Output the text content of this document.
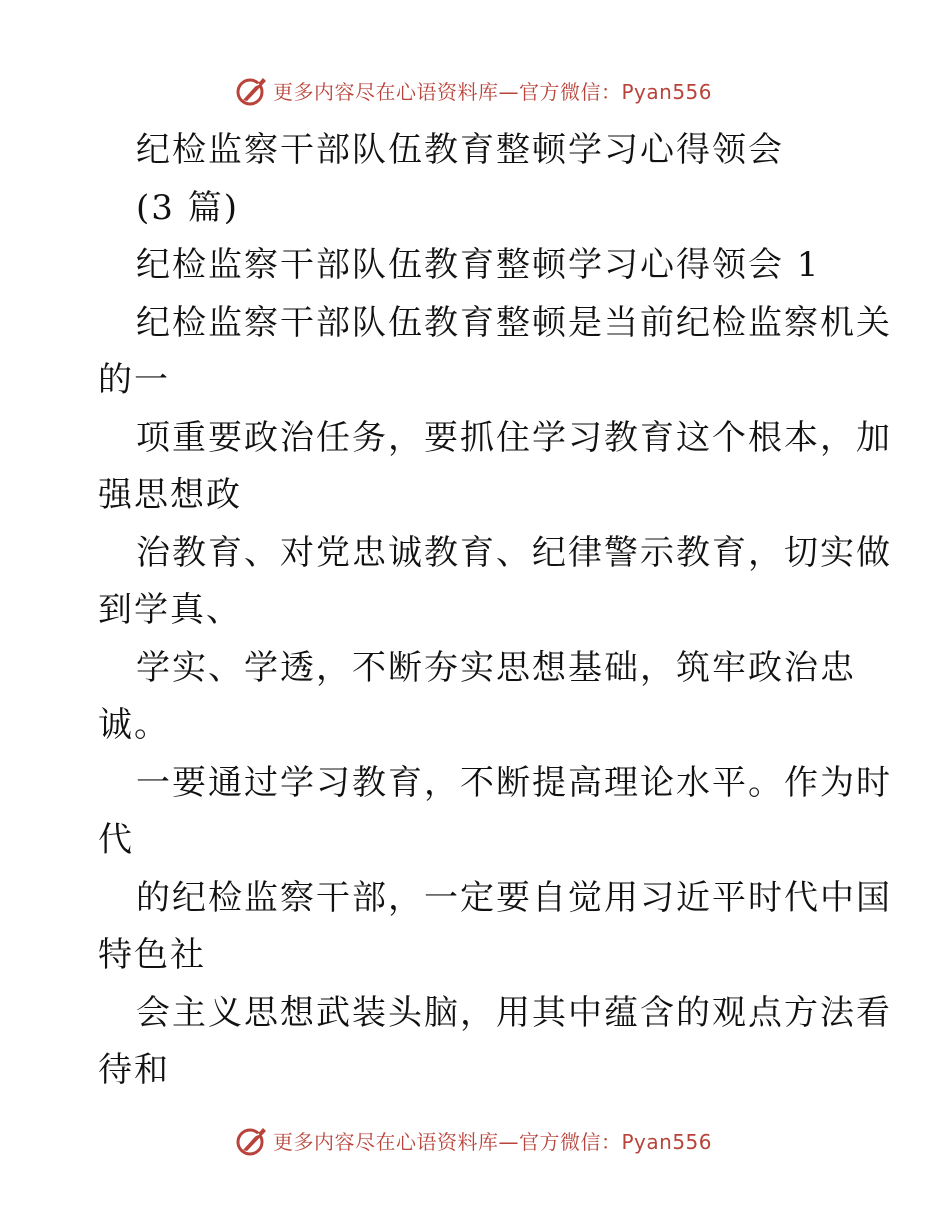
更多内容尽在心语资料库—官方微信：Pyan556
纪检监察干部队伍教育整顿学习心得领会
(3 篇)
纪检监察干部队伍教育整顿学习心得领会 1
纪检监察干部队伍教育整顿是当前纪检监察机关
的一
项重要政治任务，要抓住学习教育这个根本，加
强思想政
治教育、对党忠诚教育、纪律警示教育，切实做
到学真、
学实、学透，不断夯实思想基础，筑牢政治忠
诚。
一要通过学习教育，不断提高理论水平。作为时
代
的纪检监察干部，一定要自觉用习近平时代中国
特色社
会主义思想武装头脑，用其中蕴含的观点方法看
待和
更多内容尽在心语资料库—官方微信：Pyan556
